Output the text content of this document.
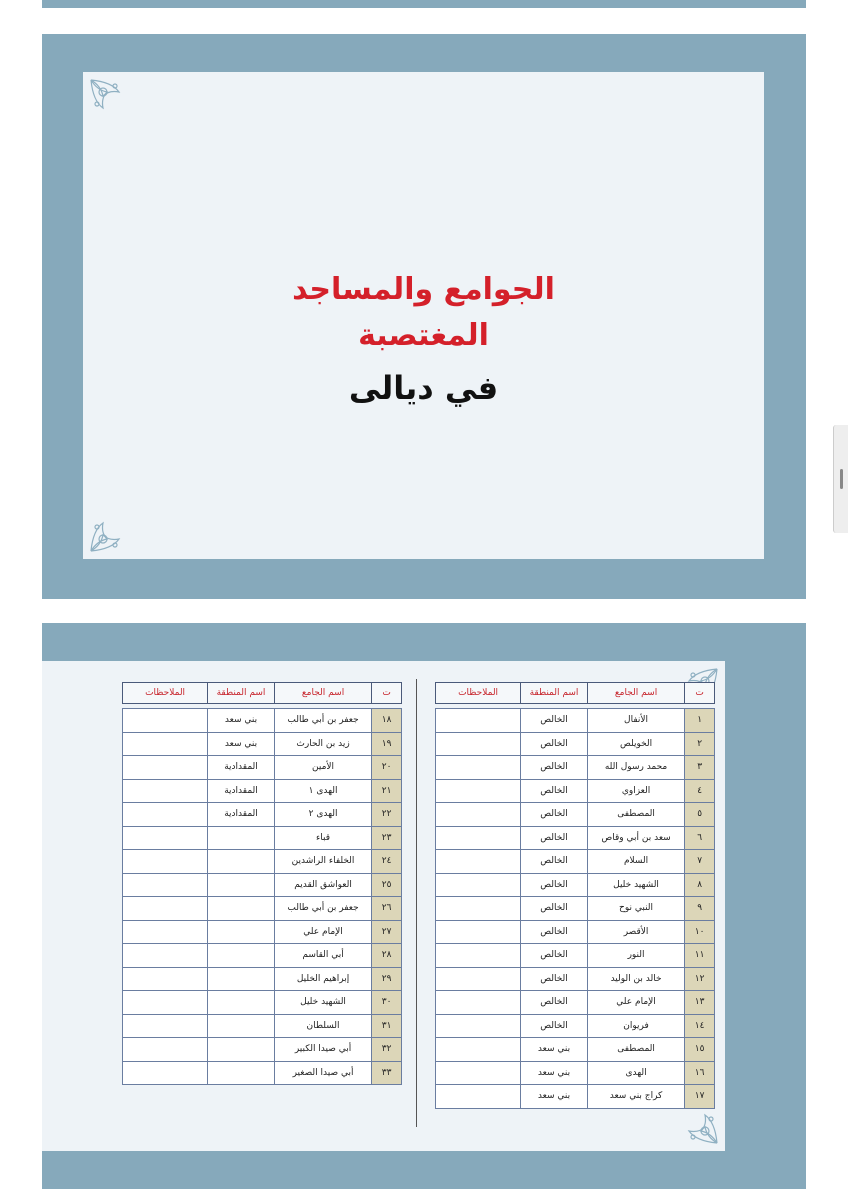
الجوامع والمساجد
المغتصبة
في ديالى
ت	اسم الجامع	اسم المنطقة	الملاحظات

١	الأنفال	الخالص	
٢	الخويلص	الخالص	
٣	محمد رسول الله	الخالص	
٤	العزاوي	الخالص	
٥	المصطفى	الخالص	
٦	سعد بن أبي وقاص	الخالص	
٧	السلام	الخالص	
٨	الشهيد خليل	الخالص	
٩	النبي نوح	الخالص	
١٠	الأقصر	الخالص	
١١	النور	الخالص	
١٢	خالد بن الوليد	الخالص	
١٣	الإمام علي	الخالص	
١٤	فريوان	الخالص	
١٥	المصطفى	بني سعد	
١٦	الهدى	بني سعد	
١٧	كراج بني سعد	بني سعد	
ت	اسم الجامع	اسم المنطقة	الملاحظات

١٨	جعفر بن أبي طالب	بني سعد	
١٩	زيد بن الحارث	بني سعد	
٢٠	الأمين	المقدادية	
٢١	الهدى ١	المقدادية	
٢٢	الهدى ٢	المقدادية	
٢٣	قباء		
٢٤	الخلفاء الراشدين		
٢٥	العواشق القديم		
٢٦	جعفر بن أبي طالب		
٢٧	الإمام علي		
٢٨	أبي القاسم		
٢٩	إبراهيم الخليل		
٣٠	الشهيد خليل		
٣١	السلطان		
٣٢	أبي صيدا الكبير		
٣٣	أبي صيدا الصغير		
